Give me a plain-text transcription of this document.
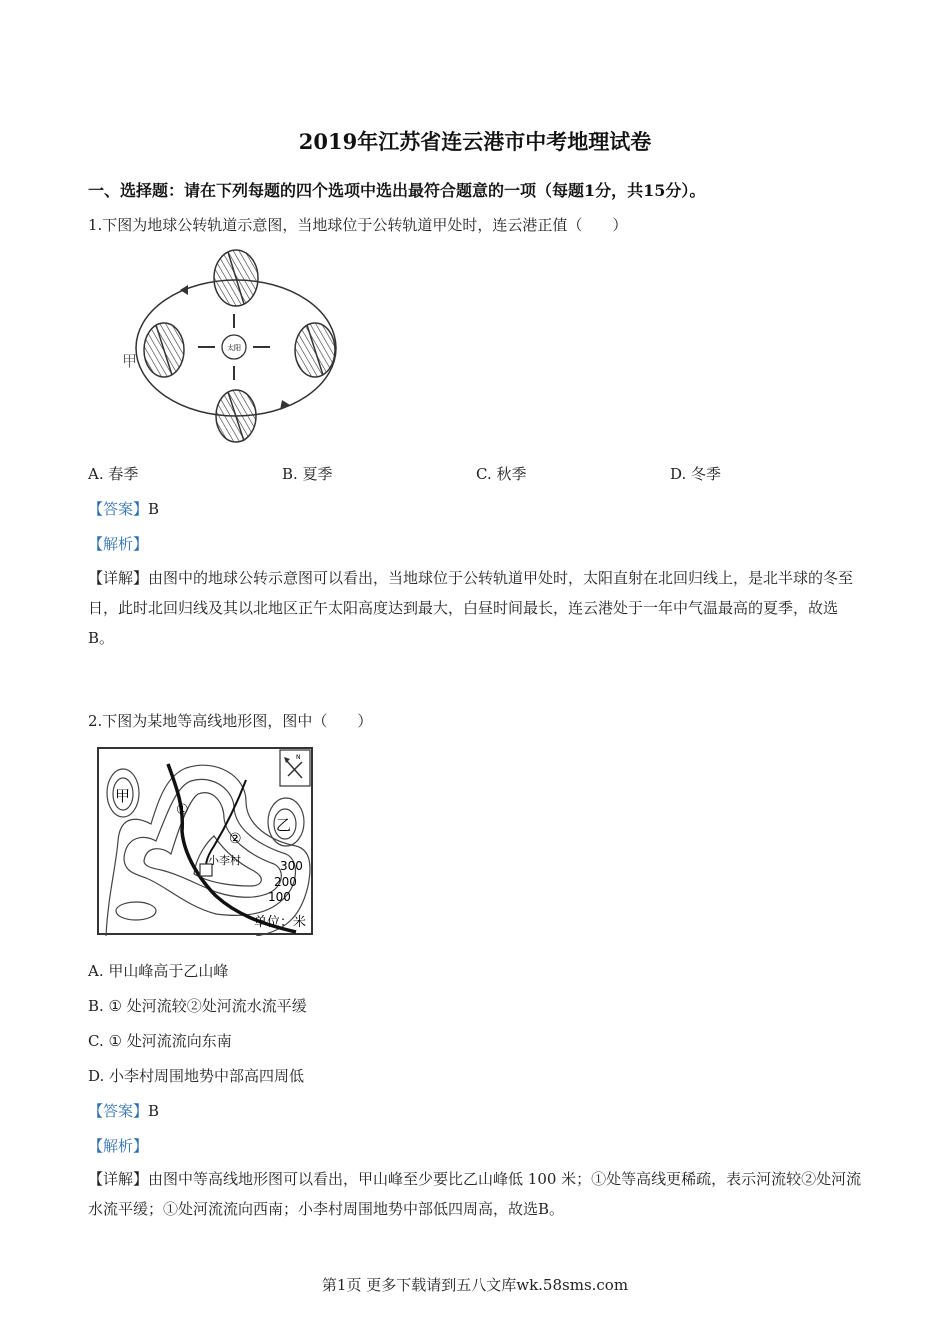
2019年江苏省连云港市中考地理试卷
一、选择题：请在下列每题的四个选项中选出最符合题意的一项（每题1分，共15分）。
1.下图为地球公转轨道示意图，当地球位于公转轨道甲处时，连云港正值（　　）
太阳
甲
A. 春季	B. 夏季	C. 秋季	D. 冬季
【答案】B
【解析】
【详解】由图中的地球公转示意图可以看出，当地球位于公转轨道甲处时，太阳直射在北回归线上，是北半球的冬至日，此时北回归线及其以北地区正午太阳高度达到最大，白昼时间最长，连云港处于一年中气温最高的夏季，故选B。
2.下图为某地等高线地形图，图中（　　）
N
甲
乙
①
②
小李村	300
200
100
单位：米
A. 甲山峰高于乙山峰
B. ① 处河流较②处河流水流平缓
C. ① 处河流流向东南
D. 小李村周围地势中部高四周低
【答案】B
【解析】
【详解】由图中等高线地形图可以看出，甲山峰至少要比乙山峰低 100 米；①处等高线更稀疏，表示河流较②处河流水流平缓；①处河流流向西南；小李村周围地势中部低四周高，故选B。
第1页 更多下载请到五八文库wk.58sms.com
